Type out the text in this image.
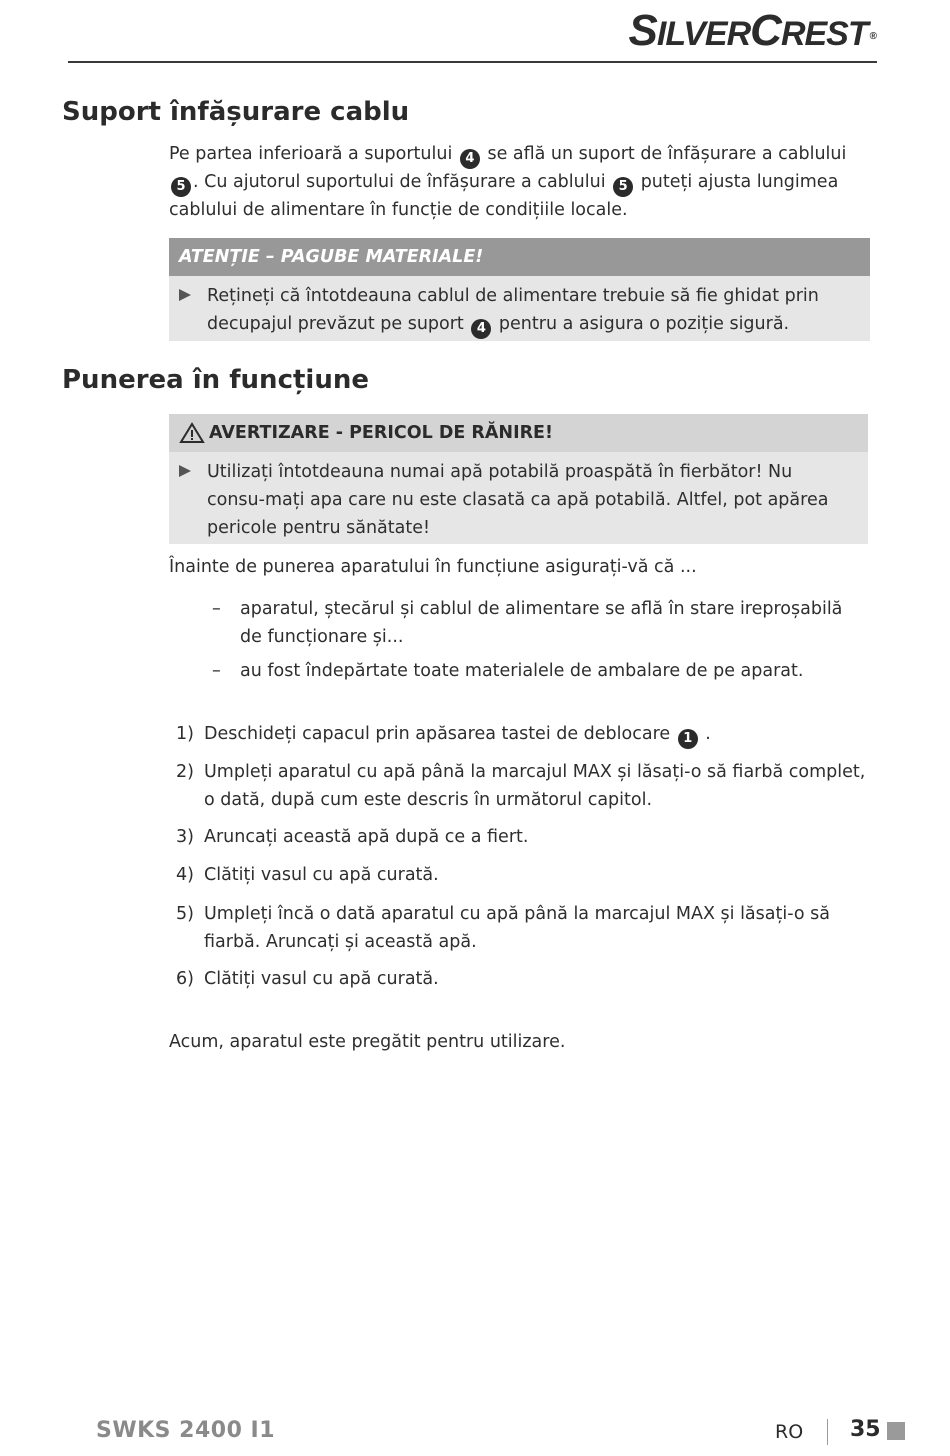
SILVERCREST ®
Suport înfășurare cablu

Pe partea inferioară a suportului 4 se află un suport de înfășurare a cablului 5 . Cu ajutorul suportului de înfășurare a cablului 5 puteți ajusta lungimea cablului de alimentare în funcție de condițiile locale.

ATENȚIE – PAGUBE MATERIALE!
Rețineți că întotdeauna cablul de alimentare trebuie să fie ghidat prin decupajul prevăzut pe suport 4 pentru a asigura o poziție sigură.
Punerea în funcțiune
AVERTIZARE - PERICOL DE RĂNIRE!
Utilizați întotdeauna numai apă potabilă proaspătă în fierbător! Nu consu-mați apa care nu este clasată ca apă potabilă. Altfel, pot apărea pericole pentru sănătate!

Înainte de punerea aparatului în funcțiune asigurați-vă că ...

– aparatul, ștecărul și cablul de alimentare se află în stare ireproșabilă de funcționare și...
– au fost îndepărtate toate materialele de ambalare de pe aparat.
1) Deschideți capacul prin apăsarea tastei de deblocare 1 .
2) Umpleți aparatul cu apă până la marcajul MAX și lăsați-o să fiarbă complet, o dată, după cum este descris în următorul capitol.
3) Aruncați această apă după ce a fiert.
4) Clătiți vasul cu apă curată.
5) Umpleți încă o dată aparatul cu apă până la marcajul MAX și lăsați-o să fiarbă. Aruncați și această apă.
6) Clătiți vasul cu apă curată.

Acum, aparatul este pregătit pentru utilizare.

SWKS 2400 I1	RO 35
